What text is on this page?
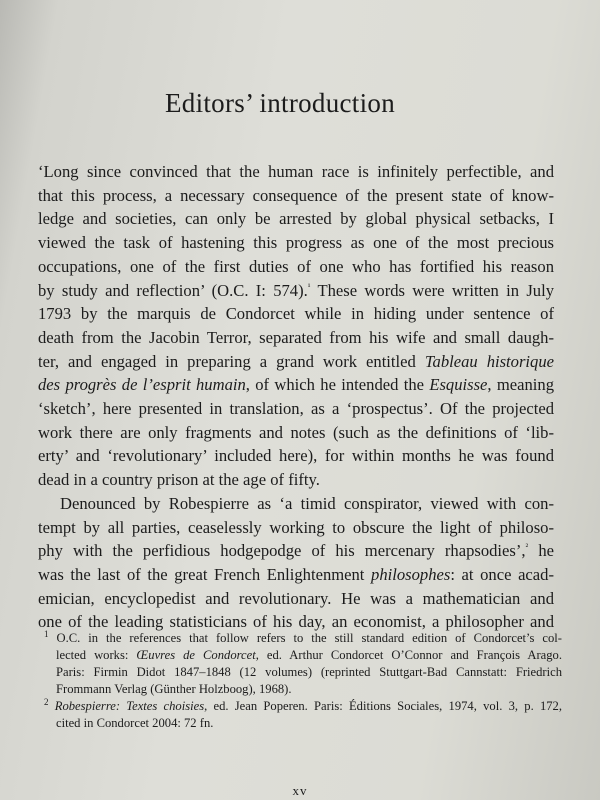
Editors’ introduction
‘Long since convinced that the human race is infinitely perfectible, and
that this process, a necessary consequence of the present state of know-
ledge and societies, can only be arrested by global physical setbacks, I
viewed the task of hastening this progress as one of the most precious
occupations, one of the first duties of one who has fortified his reason
by study and reflection’ (O.C. I: 574).$^{^1}$ These words were written in July
1793 by the marquis de Condorcet while in hiding under sentence of
death from the Jacobin Terror, separated from his wife and small daugh-
ter, and engaged in preparing a grand work entitled Tableau historique
des progrès de l’esprit humain, of which he intended the Esquisse, meaning
‘sketch’, here presented in translation, as a ‘prospectus’. Of the projected
work there are only fragments and notes (such as the definitions of ‘lib-
erty’ and ‘revolutionary’ included here), for within months he was found
dead in a country prison at the age of fifty.
Denounced by Robespierre as ‘a timid conspirator, viewed with con-
tempt by all parties, ceaselessly working to obscure the light of philoso-
phy with the perfidious hodgepodge of his mercenary rhapsodies’,$^{^2}$ he
was the last of the great French Enlightenment philosophes: at once acad-
emician, encyclopedist and revolutionary. He was a mathematician and
one of the leading statisticians of his day, an economist, a philosopher and
$^1$ O.C. in the references that follow refers to the still standard edition of Condorcet’s col-
lected works: Œuvres de Condorcet, ed. Arthur Condorcet O’Connor and François Arago.
Paris: Firmin Didot 1847–1848 (12 volumes) (reprinted Stuttgart-Bad Cannstatt: Friedrich
Frommann Verlag (Günther Holzboog), 1968).
$^2$ Robespierre: Textes choisies, ed. Jean Poperen. Paris: Éditions Sociales, 1974, vol. 3, p. 172,
cited in Condorcet 2004: 72 fn.
xv
